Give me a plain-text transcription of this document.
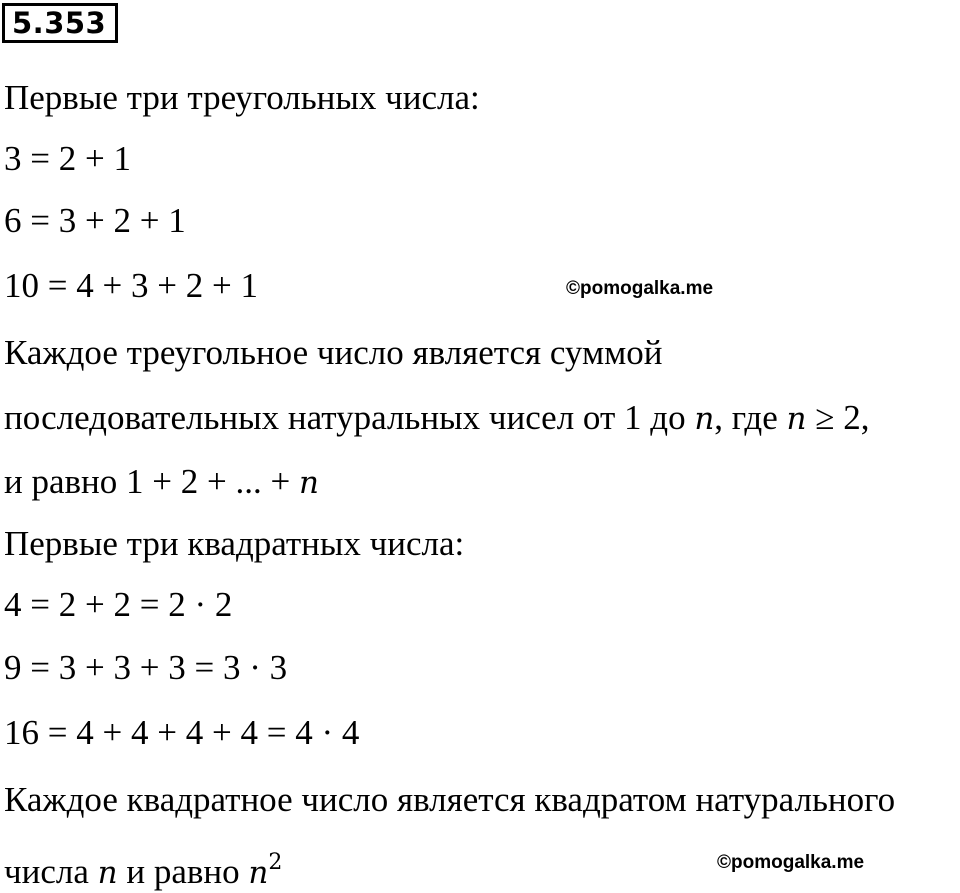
5.353
Первые три треугольных числа:
3 = 2 + 1
6 = 3 + 2 + 1
10 = 4 + 3 + 2 + 1	©pomogalka.me
Каждое треугольное число является суммой
последовательных натуральных чисел от 1 до n, где n ≥ 2,
и равно 1 + 2 + ... + n
Первые три квадратных числа:
4 = 2 + 2 = 2 · 2
9 = 3 + 3 + 3 = 3 · 3
16 = 4 + 4 + 4 + 4 = 4 · 4
Каждое квадратное число является квадратом натурального
числа n и равно $n^2$	©pomogalka.me
